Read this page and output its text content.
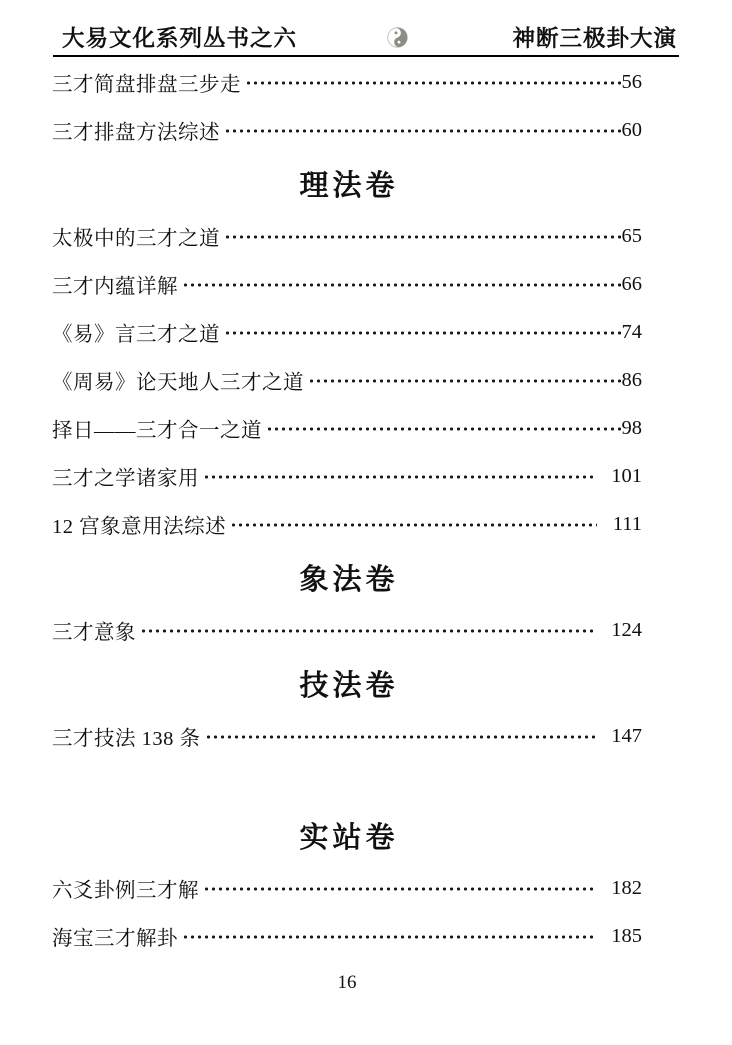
大易文化系列丛书之六	神断三极卦大演
三才简盘排盘三步走	56
三才排盘方法综述	60
理法卷
太极中的三才之道	65
三才内蕴详解	66
《易》言三才之道	74
《周易》论天地人三才之道	86
择日——三才合一之道	98
三才之学诸家用	101
12 宫象意用法综述	111
象法卷
三才意象	124
技法卷
三才技法 138 条	147
实站卷
六爻卦例三才解	182
海宝三才解卦	185
16
